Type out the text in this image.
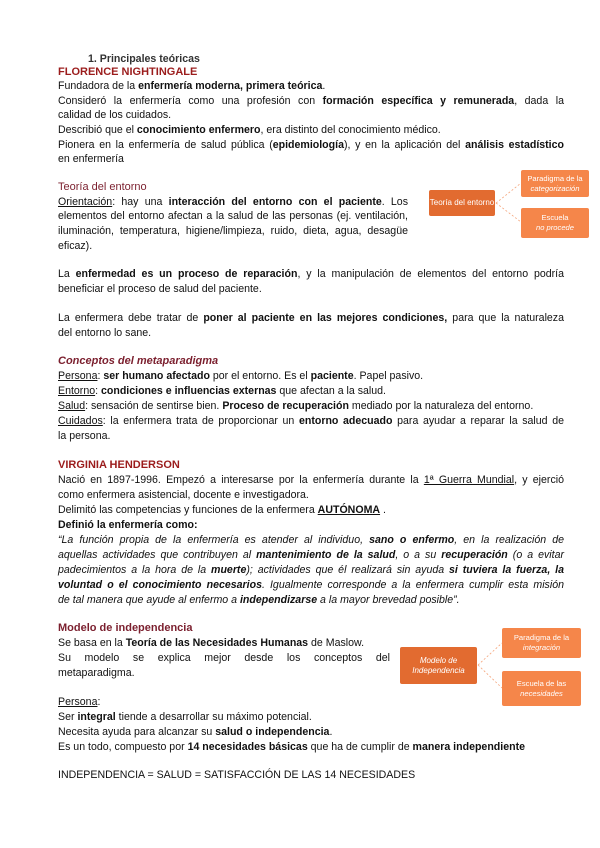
1. Principales teóricas
FLORENCE NIGHTINGALE
Fundadora de la enfermería moderna, primera teórica.
Consideró la enfermería como una profesión con formación específica y remunerada, dada la
calidad de los cuidados.
Describió que el conocimiento enfermero, era distinto del conocimiento médico.
Pionera en la enfermería de salud pública (epidemiología), y en la aplicación del análisis estadístico
en enfermería
Teoría del entorno
Orientación: hay una interacción del entorno con el paciente. Los
elementos del entorno afectan a la salud de las personas (ej. ventilación,
iluminación, temperatura, higiene/limpieza, ruido, dieta, agua, desagüe
eficaz).
Teoría del entorno
Paradigma de la
categorización
Escuela
no procede
La enfermedad es un proceso de reparación, y la manipulación de elementos del entorno podría
beneficiar el proceso de salud del paciente.
La enfermera debe tratar de poner al paciente en las mejores condiciones, para que la naturaleza
del entorno lo sane.
Conceptos del metaparadigma
Persona: ser humano afectado por el entorno. Es el paciente. Papel pasivo.
Entorno: condiciones e influencias externas que afectan a la salud.
Salud: sensación de sentirse bien. Proceso de recuperación mediado por la naturaleza del entorno.
Cuidados: la enfermera trata de proporcionar un entorno adecuado para ayudar a reparar la salud de
la persona.
VIRGINIA HENDERSON
Nació en 1897-1996. Empezó a interesarse por la enfermería durante la 1ª Guerra Mundial, y ejerció
como enfermera asistencial, docente e investigadora.
Delimitó las competencias y funciones de la enfermera AUTÓNOMA .
Definió la enfermería como:
“La función propia de la enfermería es atender al individuo, sano o enfermo, en la realización de
aquellas actividades que contribuyen al mantenimiento de la salud, o a su recuperación (o a evitar
padecimientos a la hora de la muerte); actividades que él realizará sin ayuda si tuviera la fuerza, la
voluntad o el conocimiento necesarios. Igualmente corresponde a la enfermera cumplir esta misión
de tal manera que ayude al enfermo a independizarse a la mayor brevedad posible”.
Modelo de independencia
Se basa en la Teoría de las Necesidades Humanas de Maslow.
Su modelo se explica mejor desde los conceptos del
metaparadigma.
Modelo de
Independencia
Paradigma de la
integración
Escuela de las
necesidades
Persona:
Ser integral tiende a desarrollar su máximo potencial.
Necesita ayuda para alcanzar su salud o independencia.
Es un todo, compuesto por 14 necesidades básicas que ha de cumplir de manera independiente
INDEPENDENCIA = SALUD = SATISFACCIÓN DE LAS 14 NECESIDADES
